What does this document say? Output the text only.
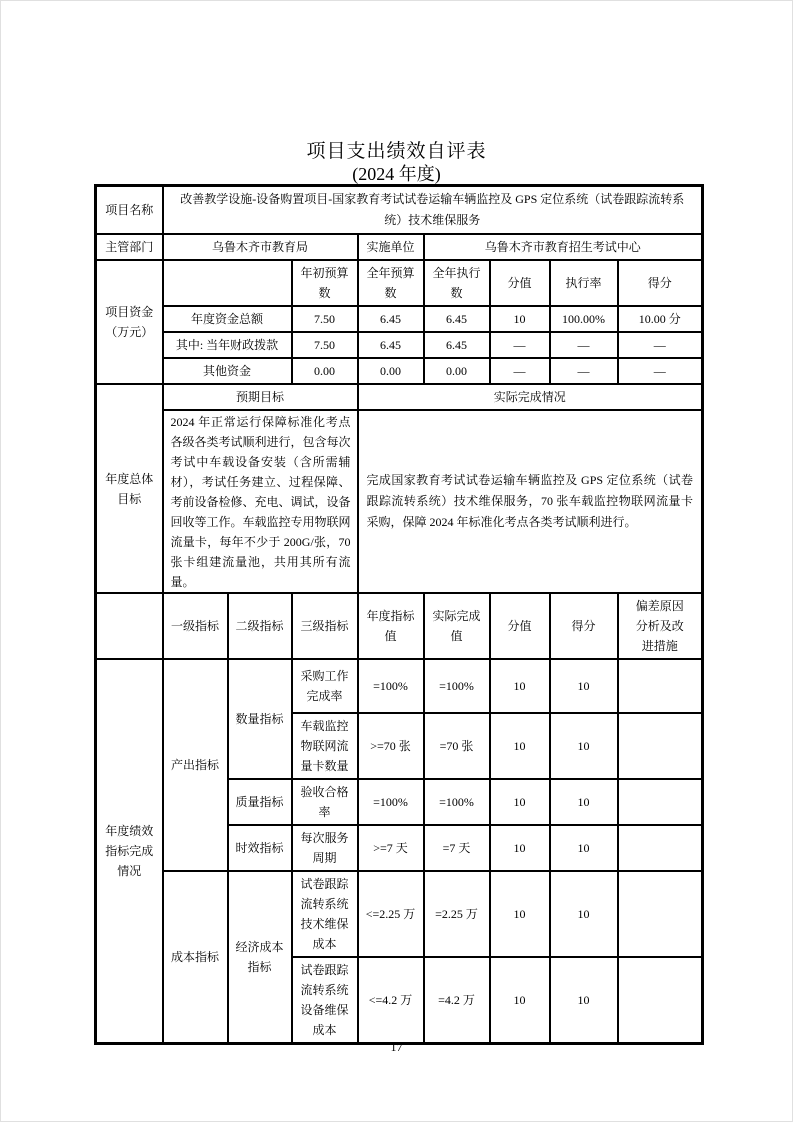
项目支出绩效自评表
(2024 年度)
项目名称	改善教学设施-设备购置项目-国家教育考试试卷运输车辆监控及 GPS 定位系统（试卷跟踪流转系统）技术维保服务							
主管部门	乌鲁木齐市教育局			实施单位	乌鲁木齐市教育招生考试中心			
项目资金（万元）			年初预算数	全年预算数	全年执行数	分值	执行率	得分
	年度资金总额		7.50	6.45	6.45	10	100.00%	10.00 分
	其中: 当年财政拨款		7.50	6.45	6.45	—	—	—
	其他资金		0.00	0.00	0.00	—	—	—
年度总体目标	预期目标			实际完成情况				
	2024 年正常运行保障标准化考点各级各类考试顺利进行，包含每次考试中车载设备安装（含所需辅材），考试任务建立、过程保障、考前设备检修、充电、调试，设备回收等工作。车载监控专用物联网流量卡，每年不少于 200G/张，70 张卡组建流量池，共用其所有流量。			完成国家教育考试试卷运输车辆监控及 GPS 定位系统（试卷跟踪流转系统）技术维保服务，70 张车载监控物联网流量卡采购，保障 2024 年标准化考点各类考试顺利进行。				
	一级指标	二级指标	三级指标	年度指标值	实际完成值	分值	得分	偏差原因分析及改进措施
年度绩效指标完成情况	产出指标	数量指标	采购工作完成率	=100%	=100%	10	10	
			车载监控物联网流量卡数量	>=70 张	=70 张	10	10	
		质量指标	验收合格率	=100%	=100%	10	10	
		时效指标	每次服务周期	>=7 天	=7 天	10	10	
	成本指标	经济成本指标	试卷跟踪流转系统技术维保成本	<=2.25 万	=2.25 万	10	10	
			试卷跟踪流转系统设备维保成本	<=4.2 万	=4.2 万	10	10	
17
